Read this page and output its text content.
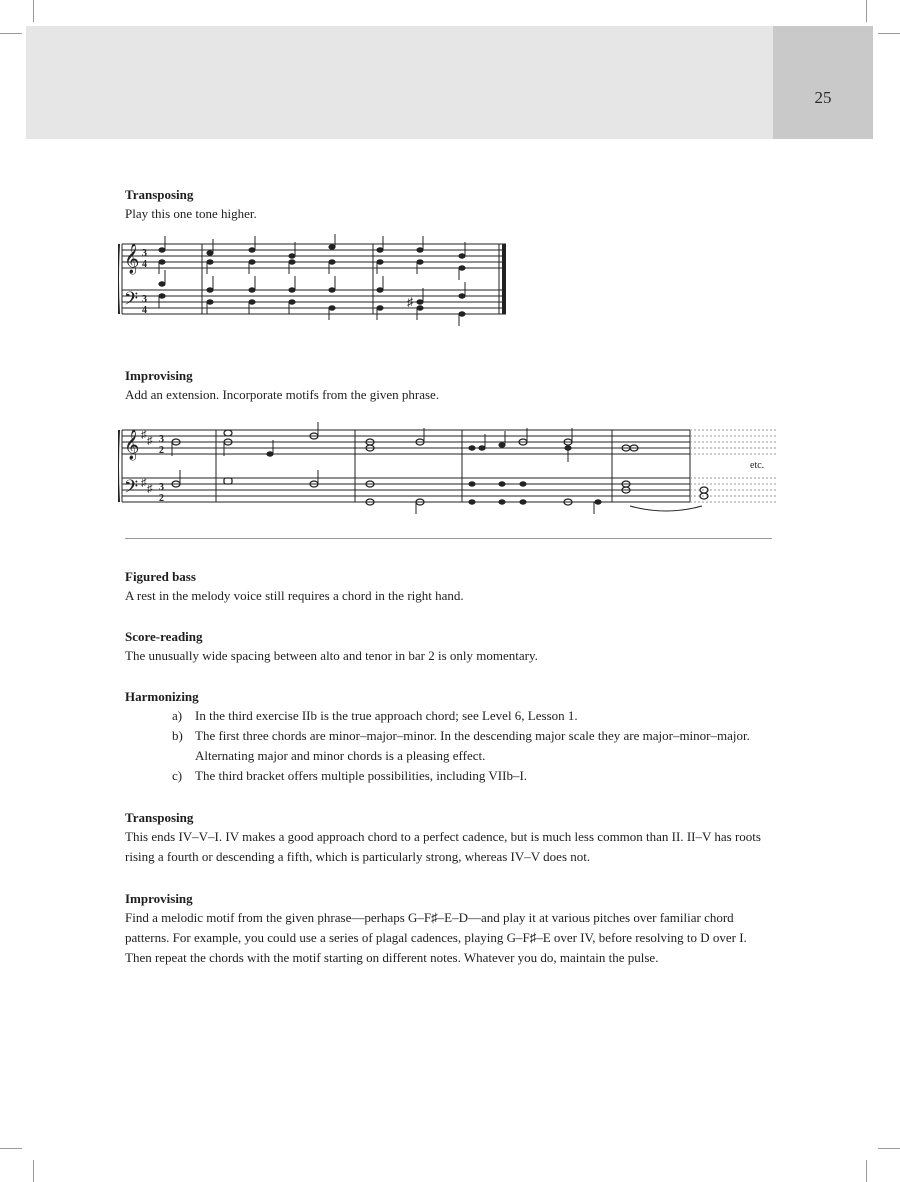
25
Transposing
Play this one tone higher.
𝄞
𝄢
3
4
3
4
♯
Improvising
Add an extension. Incorporate motifs from the given phrase.
𝄞
𝄢
♯ ♯
♯ ♯
3
2
3
2
etc.
Figured bass
A rest in the melody voice still requires a chord in the right hand.
Score-reading
The unusually wide spacing between alto and tenor in bar 2 is only momentary.
Harmonizing
a) In the third exercise IIb is the true approach chord; see Level 6, Lesson 1.
b) The first three chords are minor–major–minor. In the descending major scale they are major–minor–major. Alternating major and minor chords is a pleasing effect.
c) The third bracket offers multiple possibilities, including VIIb–I.
Transposing
This ends IV–V–I. IV makes a good approach chord to a perfect cadence, but is much less common than II. II–V has roots rising a fourth or descending a fifth, which is particularly strong, whereas IV–V does not.
Improvising
Find a melodic motif from the given phrase—perhaps G–F♯–E–D—and play it at various pitches over familiar chord patterns. For example, you could use a series of plagal cadences, playing G–F♯–E over IV, before resolving to D over I. Then repeat the chords with the motif starting on different notes. Whatever you do, maintain the pulse.
